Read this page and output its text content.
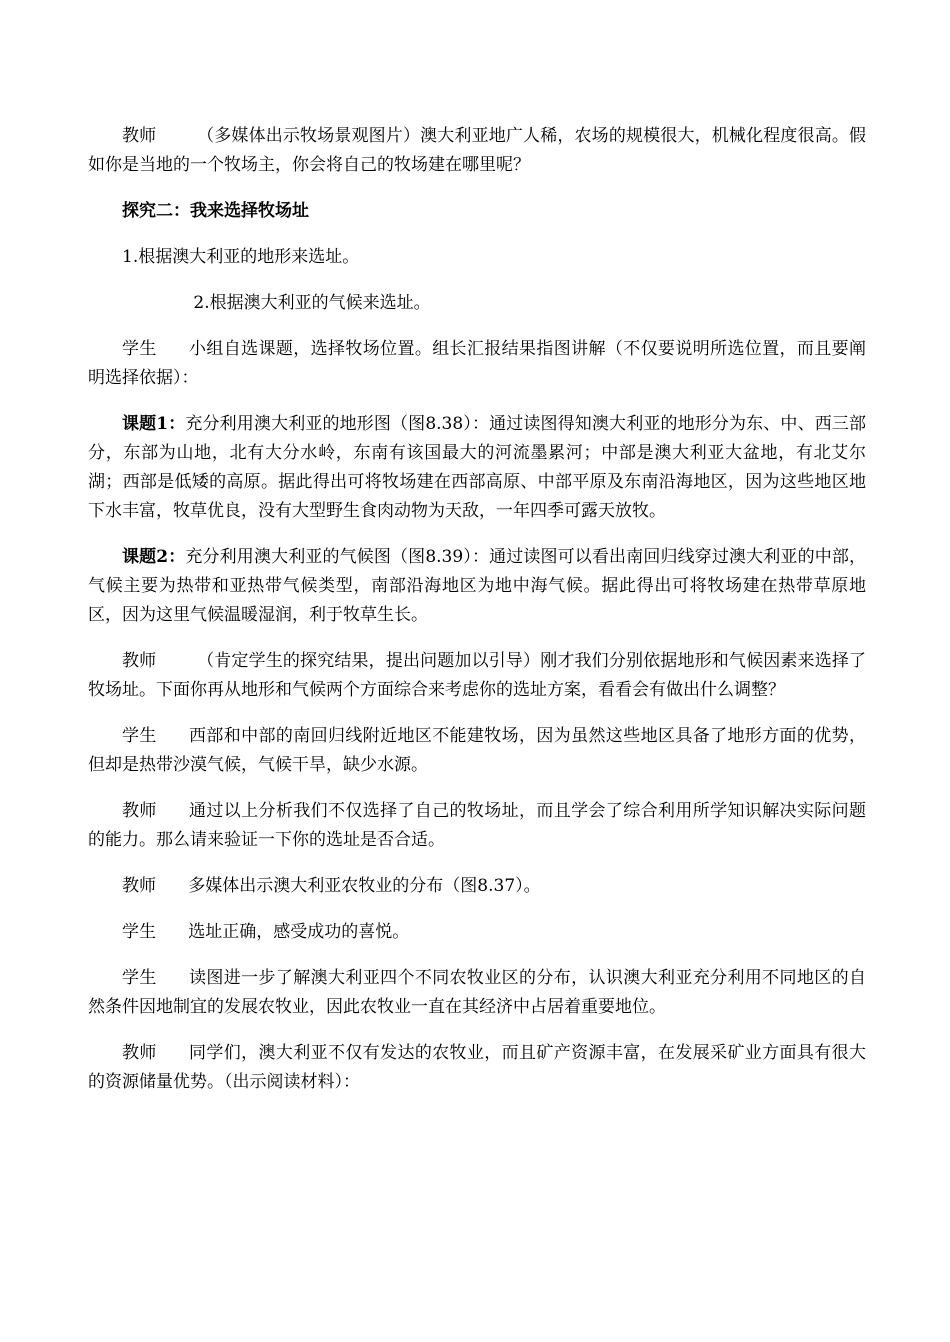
教师 （多媒体出示牧场景观图片）澳大利亚地广人稀，农场的规模很大，机械化程度很高。假如你是当地的一个牧场主，你会将自己的牧场建在哪里呢？

探究二：我来选择牧场址

1.根据澳大利亚的地形来选址。

2.根据澳大利亚的气候来选址。

学生 小组自选课题，选择牧场位置。组长汇报结果指图讲解（不仅要说明所选位置，而且要阐明选择依据）：

课题1：充分利用澳大利亚的地形图（图8.38）：通过读图得知澳大利亚的地形分为东、中、西三部分，东部为山地，北有大分水岭，东南有该国最大的河流墨累河；中部是澳大利亚大盆地，有北艾尔湖；西部是低矮的高原。据此得出可将牧场建在西部高原、中部平原及东南沿海地区，因为这些地区地下水丰富，牧草优良，没有大型野生食肉动物为天敌，一年四季可露天放牧。

课题2：充分利用澳大利亚的气候图（图8.39）：通过读图可以看出南回归线穿过澳大利亚的中部，气候主要为热带和亚热带气候类型，南部沿海地区为地中海气候。据此得出可将牧场建在热带草原地区，因为这里气候温暖湿润，利于牧草生长。

教师 （肯定学生的探究结果，提出问题加以引导）刚才我们分别依据地形和气候因素来选择了牧场址。下面你再从地形和气候两个方面综合来考虑你的选址方案，看看会有做出什么调整？

学生 西部和中部的南回归线附近地区不能建牧场，因为虽然这些地区具备了地形方面的优势，但却是热带沙漠气候，气候干旱，缺少水源。

教师 通过以上分析我们不仅选择了自己的牧场址，而且学会了综合利用所学知识解决实际问题的能力。那么请来验证一下你的选址是否合适。

教师 多媒体出示澳大利亚农牧业的分布（图8.37）。

学生 选址正确，感受成功的喜悦。

学生 读图进一步了解澳大利亚四个不同农牧业区的分布，认识澳大利亚充分利用不同地区的自然条件因地制宜的发展农牧业，因此农牧业一直在其经济中占居着重要地位。

教师 同学们，澳大利亚不仅有发达的农牧业，而且矿产资源丰富，在发展采矿业方面具有很大的资源储量优势。（出示阅读材料）：
